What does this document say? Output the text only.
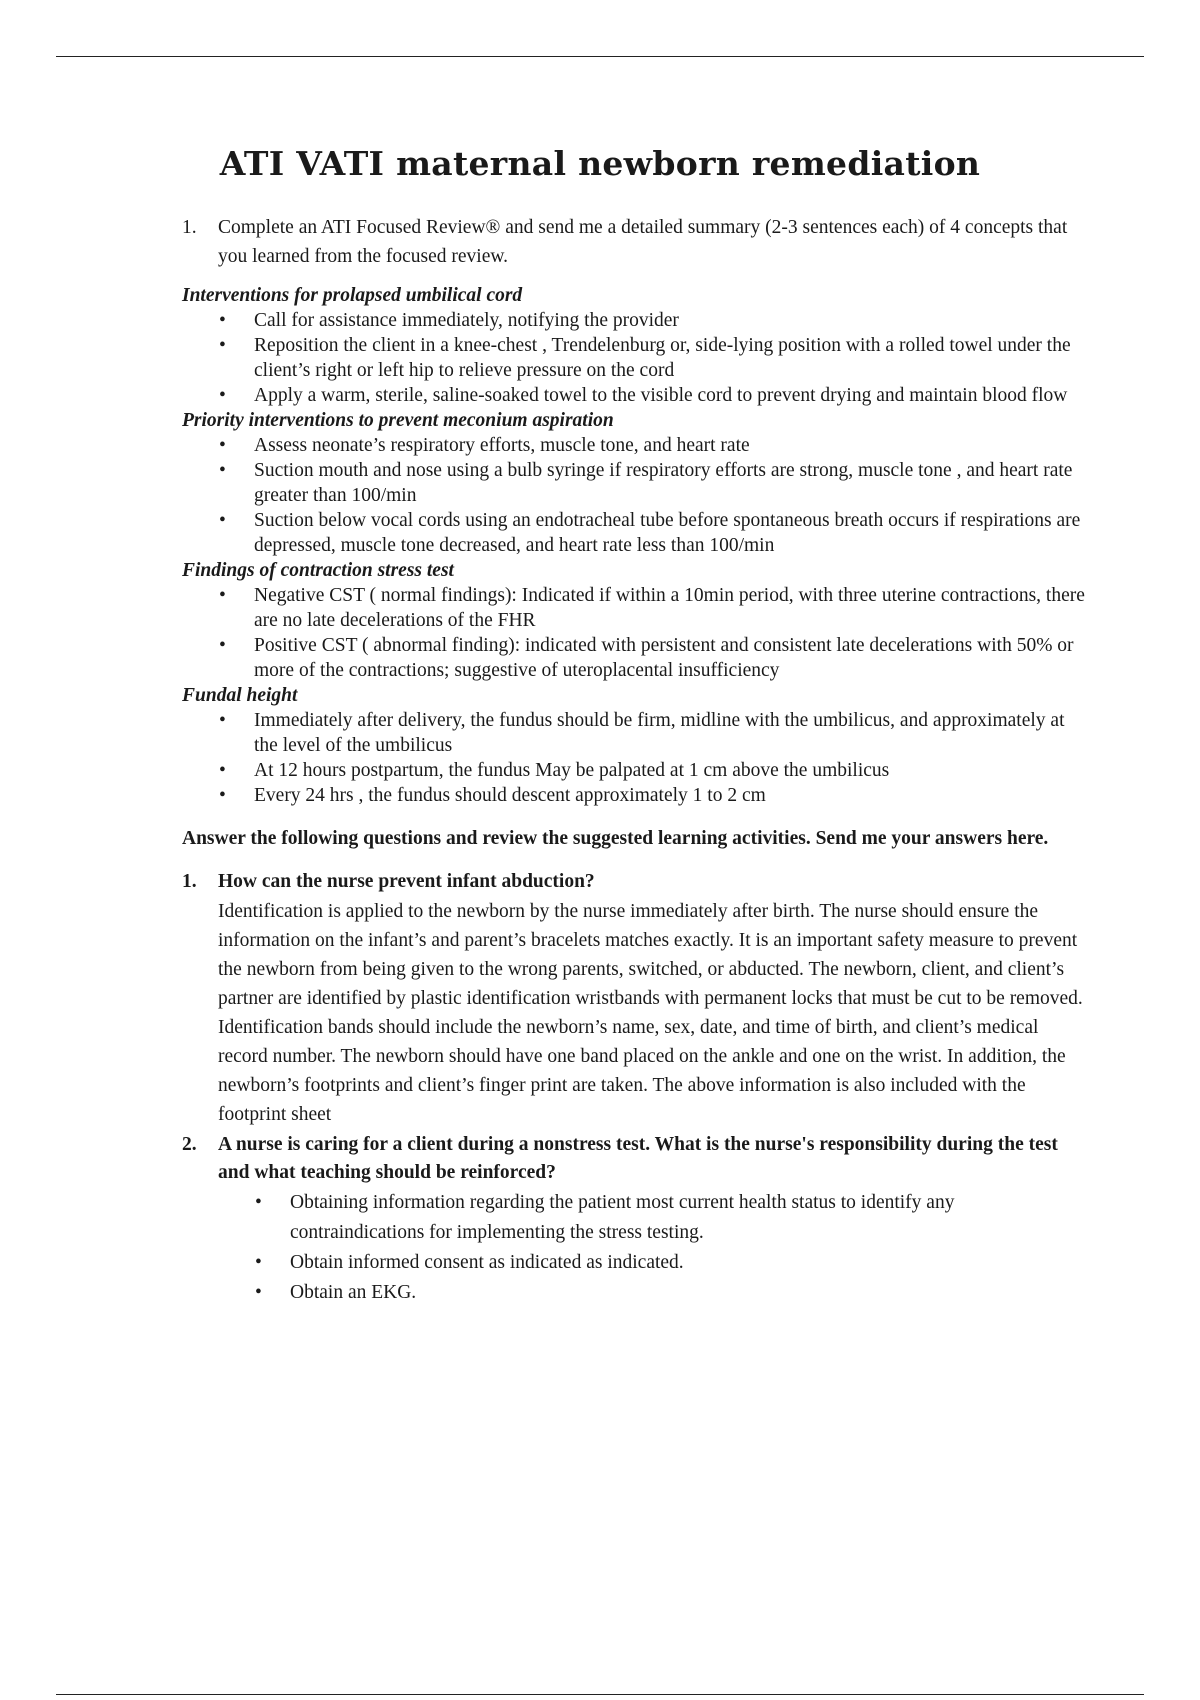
ATI VATI maternal newborn remediation
1.	Complete an ATI Focused Review® and send me a detailed summary (2-3 sentences each) of 4 concepts that you learned from the focused review.
Interventions for prolapsed umbilical cord
• Call for assistance immediately, notifying the provider
• Reposition the client in a knee-chest , Trendelenburg or, side-lying position with a rolled towel under the client’s right or left hip to relieve pressure on the cord
• Apply a warm, sterile, saline-soaked towel to the visible cord to prevent drying and maintain blood flow
Priority interventions to prevent meconium aspiration
• Assess neonate’s respiratory efforts, muscle tone, and heart rate
• Suction mouth and nose using a bulb syringe if respiratory efforts are strong, muscle tone , and heart rate greater than 100/min
• Suction below vocal cords using an endotracheal tube before spontaneous breath occurs if respirations are depressed, muscle tone decreased, and heart rate less than 100/min
Findings of contraction stress test
• Negative CST ( normal findings): Indicated if within a 10min period, with three uterine contractions, there are no late decelerations of the FHR
• Positive CST ( abnormal finding): indicated with persistent and consistent late decelerations with 50% or more of the contractions; suggestive of uteroplacental insufficiency
Fundal height
• Immediately after delivery, the fundus should be firm, midline with the umbilicus, and approximately at the level of the umbilicus
• At 12 hours postpartum, the fundus May be palpated at 1 cm above the umbilicus
• Every 24 hrs , the fundus should descent approximately 1 to 2 cm
Answer the following questions and review the suggested learning activities. Send me your answers here.
1.	How can the nurse prevent infant abduction?
Identification is applied to the newborn by the nurse immediately after birth. The nurse should ensure the information on the infant’s and parent’s bracelets matches exactly. It is an important safety measure to prevent the newborn from being given to the wrong parents, switched, or abducted. The newborn, client, and client’s partner are identified by plastic identification wristbands with permanent locks that must be cut to be removed. Identification bands should include the newborn’s name, sex, date, and time of birth, and client’s medical record number. The newborn should have one band placed on the ankle and one on the wrist. In addition, the newborn’s footprints and client’s finger print are taken. The above information is also included with the footprint sheet
2.	A nurse is caring for a client during a nonstress test. What is the nurse's responsibility during the test and what teaching should be reinforced?
• Obtaining information regarding the patient most current health status to identify any contraindications for implementing the stress testing.
• Obtain informed consent as indicated as indicated.
• Obtain an EKG.
